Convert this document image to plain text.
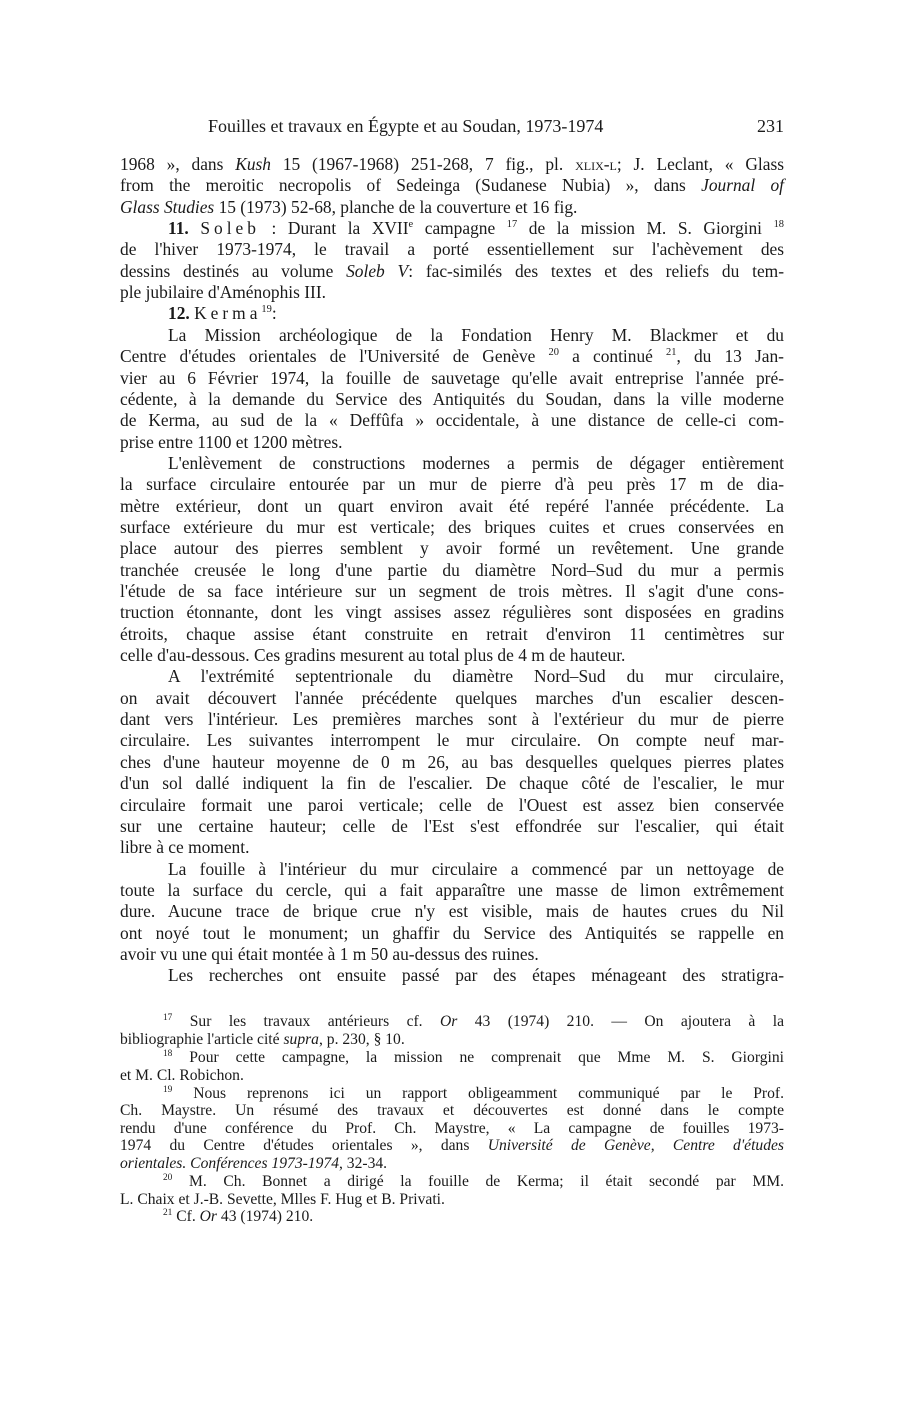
Fouilles et travaux en Égypte et au Soudan, 1973-1974	231
1968 », dans Kush 15 (1967-1968) 251-268, 7 fig., pl. xlix-l; J. Leclant, « Glass
from the meroitic necropolis of Sedeinga (Sudanese Nubia) », dans Journal of
Glass Studies 15 (1973) 52-68, planche de la couverture et 16 fig.
11. Soleb : Durant la XVIIe campagne $^{17}$ de la mission M. S. Giorgini $^{18}$
de l'hiver 1973-1974, le travail a porté essentiellement sur l'achèvement des
dessins destinés au volume Soleb V: fac-similés des textes et des reliefs du tem-
ple jubilaire d'Aménophis III.
12. Kerma$^{19}$:
La Mission archéologique de la Fondation Henry M. Blackmer et du
Centre d'études orientales de l'Université de Genève $^{20}$ a continué $^{21}$, du 13 Jan-
vier au 6 Février 1974, la fouille de sauvetage qu'elle avait entreprise l'année pré-
cédente, à la demande du Service des Antiquités du Soudan, dans la ville moderne
de Kerma, au sud de la « Deffûfa » occidentale, à une distance de celle-ci com-
prise entre 1100 et 1200 mètres.
L'enlèvement de constructions modernes a permis de dégager entièrement
la surface circulaire entourée par un mur de pierre d'à peu près 17 m de dia-
mètre extérieur, dont un quart environ avait été repéré l'année précédente. La
surface extérieure du mur est verticale; des briques cuites et crues conservées en
place autour des pierres semblent y avoir formé un revêtement. Une grande
tranchée creusée le long d'une partie du diamètre Nord–Sud du mur a permis
l'étude de sa face intérieure sur un segment de trois mètres. Il s'agit d'une cons-
truction étonnante, dont les vingt assises assez régulières sont disposées en gradins
étroits, chaque assise étant construite en retrait d'environ 11 centimètres sur
celle d'au-dessous. Ces gradins mesurent au total plus de 4 m de hauteur.
A l'extrémité septentrionale du diamètre Nord–Sud du mur circulaire,
on avait découvert l'année précédente quelques marches d'un escalier descen-
dant vers l'intérieur. Les premières marches sont à l'extérieur du mur de pierre
circulaire. Les suivantes interrompent le mur circulaire. On compte neuf mar-
ches d'une hauteur moyenne de 0 m 26, au bas desquelles quelques pierres plates
d'un sol dallé indiquent la fin de l'escalier. De chaque côté de l'escalier, le mur
circulaire formait une paroi verticale; celle de l'Ouest est assez bien conservée
sur une certaine hauteur; celle de l'Est s'est effondrée sur l'escalier, qui était
libre à ce moment.
La fouille à l'intérieur du mur circulaire a commencé par un nettoyage de
toute la surface du cercle, qui a fait apparaître une masse de limon extrêmement
dure. Aucune trace de brique crue n'y est visible, mais de hautes crues du Nil
ont noyé tout le monument; un ghaffir du Service des Antiquités se rappelle en
avoir vu une qui était montée à 1 m 50 au-dessus des ruines.
Les recherches ont ensuite passé par des étapes ménageant des stratigra-
$^{17}$ Sur les travaux antérieurs cf. Or 43 (1974) 210. — On ajoutera à la
bibliographie l'article cité supra, p. 230, § 10.
$^{18}$ Pour cette campagne, la mission ne comprenait que Mme M. S. Giorgini
et M. Cl. Robichon.
$^{19}$ Nous reprenons ici un rapport obligeamment communiqué par le Prof.
Ch. Maystre. Un résumé des travaux et découvertes est donné dans le compte
rendu d'une conférence du Prof. Ch. Maystre, « La campagne de fouilles 1973-
1974 du Centre d'études orientales », dans Université de Genève, Centre d'études
orientales. Conférences 1973-1974, 32-34.
$^{20}$ M. Ch. Bonnet a dirigé la fouille de Kerma; il était secondé par MM.
L. Chaix et J.-B. Sevette, Mlles F. Hug et B. Privati.
$^{21}$ Cf. Or 43 (1974) 210.
